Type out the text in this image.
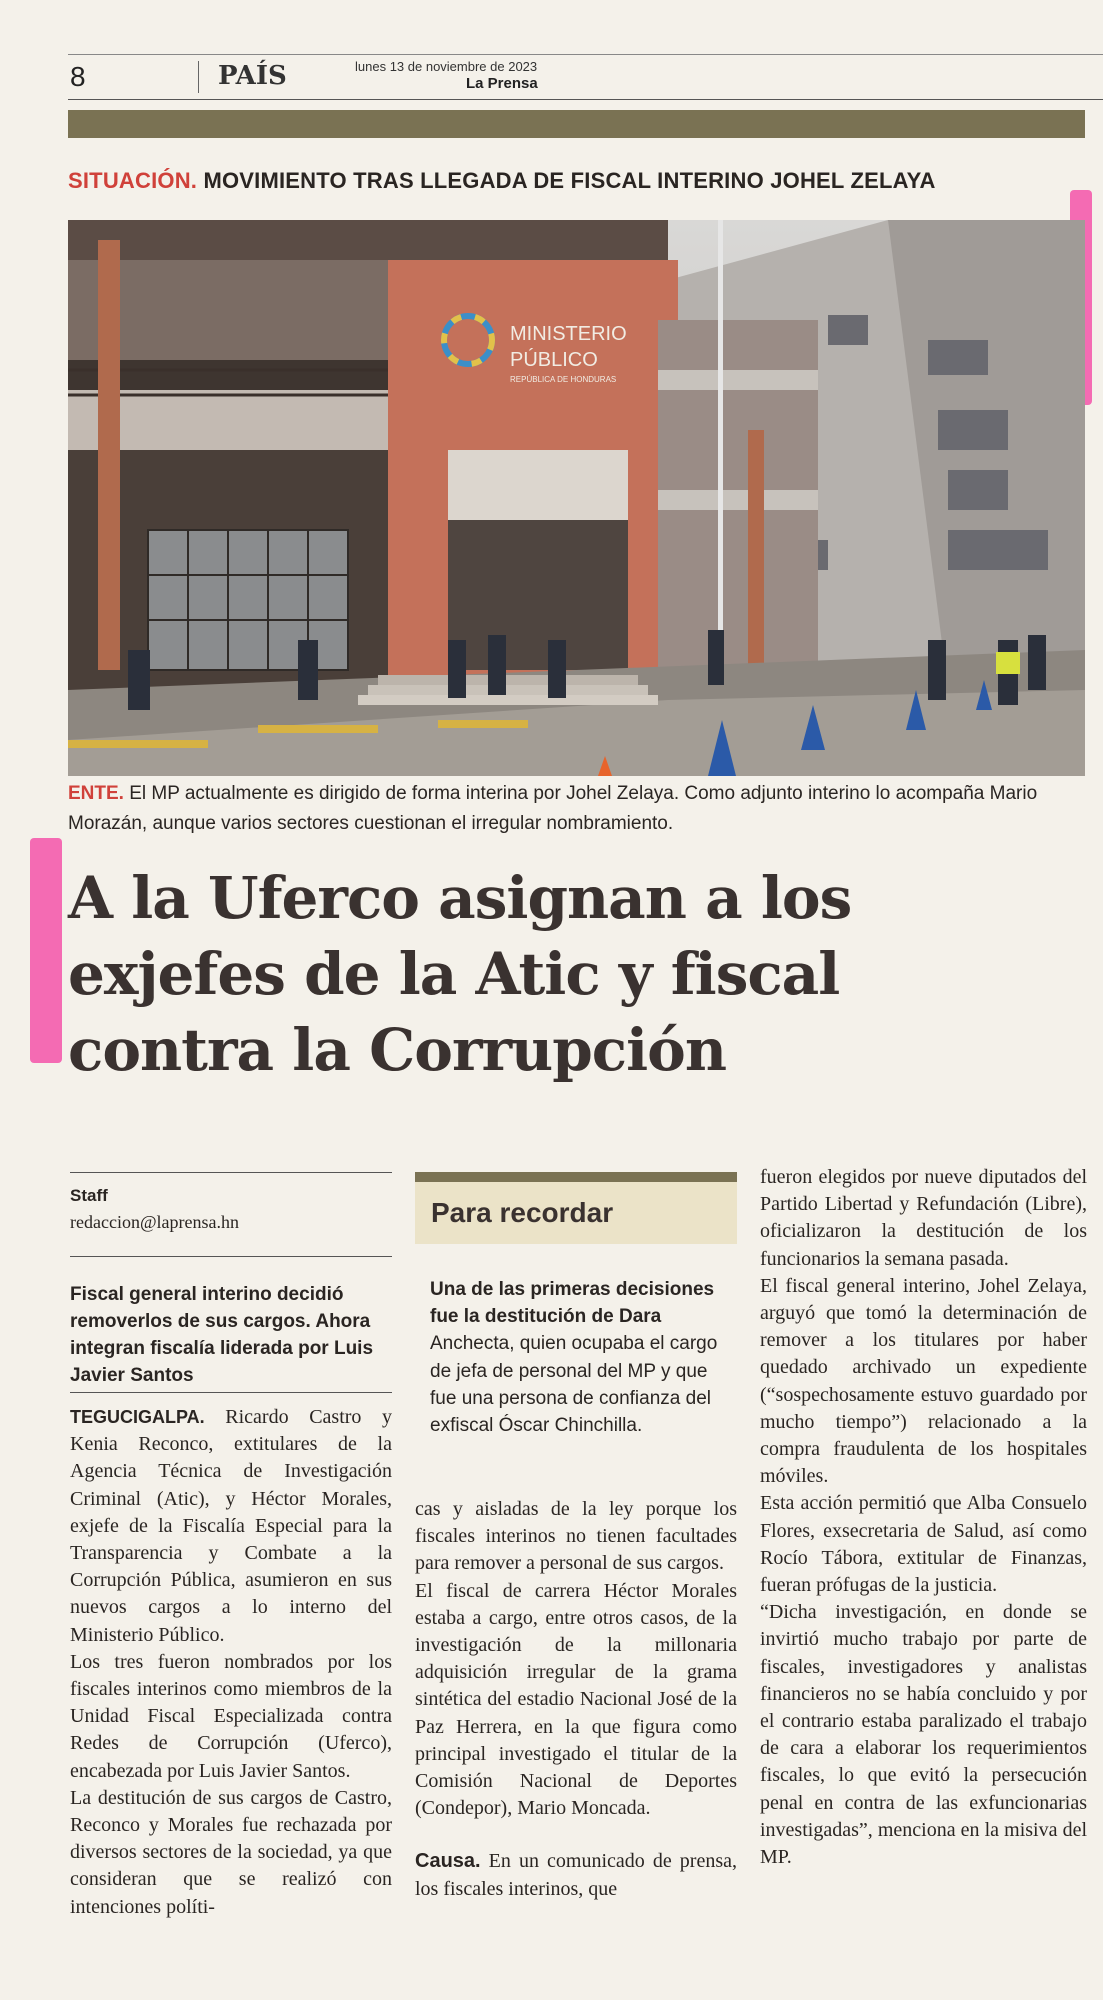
8	PAÍS	lunes 13 de noviembre de 2023
La Prensa
SITUACIÓN. MOVIMIENTO TRAS LLEGADA DE FISCAL INTERINO JOHEL ZELAYA
MINISTERIO
PÚBLICO
REPÚBLICA DE HONDURAS
ENTE. El MP actualmente es dirigido de forma interina por Johel Zelaya. Como adjunto interino lo acompaña Mario Morazán, aunque varios sectores cuestionan el irregular nombramiento.
A la Uferco asignan a los
exjefes de la Atic y fiscal
contra la Corrupción
Staff
redaccion@laprensa.hn
Fiscal general interino decidió removerlos de sus cargos. Ahora integran fiscalía liderada por Luis Javier Santos

TEGUCIGALPA. Ricardo Castro y Kenia Reconco, extitulares de la Agencia Técnica de Investigación Criminal (Atic), y Héctor Morales, exjefe de la Fiscalía Especial para la Transparencia y Combate a la Corrupción Pública, asumieron en sus nuevos cargos a lo interno del Ministerio Público.

Los tres fueron nombrados por los fiscales interinos como miembros de la Unidad Fiscal Especializada contra Redes de Corrupción (Uferco), encabezada por Luis Javier Santos.

La destitución de sus cargos de Castro, Reconco y Morales fue rechazada por diversos sectores de la sociedad, ya que consideran que se realizó con intenciones políti-

Para recordar
Una de las primeras decisiones fue la destitución de Dara Anchecta, quien ocupaba el cargo de jefa de personal del MP y que fue una persona de confianza del exfiscal Óscar Chinchilla.

cas y aisladas de la ley porque los fiscales interinos no tienen facultades para remover a personal de sus cargos.

El fiscal de carrera Héctor Morales estaba a cargo, entre otros casos, de la investigación de la millonaria adquisición irregular de la grama sintética del estadio Nacional José de la Paz Herrera, en la que figura como principal investigado el titular de la Comisión Nacional de Deportes (Condepor), Mario Moncada.

Causa. En un comunicado de prensa, los fiscales interinos, que

fueron elegidos por nueve diputados del Partido Libertad y Refundación (Libre), oficializaron la destitución de los funcionarios la semana pasada.

El fiscal general interino, Johel Zelaya, arguyó que tomó la determinación de remover a los titulares por haber quedado archivado un expediente (“sospechosamente estuvo guardado por mucho tiempo”) relacionado a la compra fraudulenta de los hospitales móviles.

Esta acción permitió que Alba Consuelo Flores, exsecretaria de Salud, así como Rocío Tábora, extitular de Finanzas, fueran prófugas de la justicia.

“Dicha investigación, en donde se invirtió mucho trabajo por parte de fiscales, investigadores y analistas financieros no se había concluido y por el contrario estaba paralizado el trabajo de cara a elaborar los requerimientos fiscales, lo que evitó la persecución penal en contra de las exfuncionarias investigadas”, menciona en la misiva del MP.
